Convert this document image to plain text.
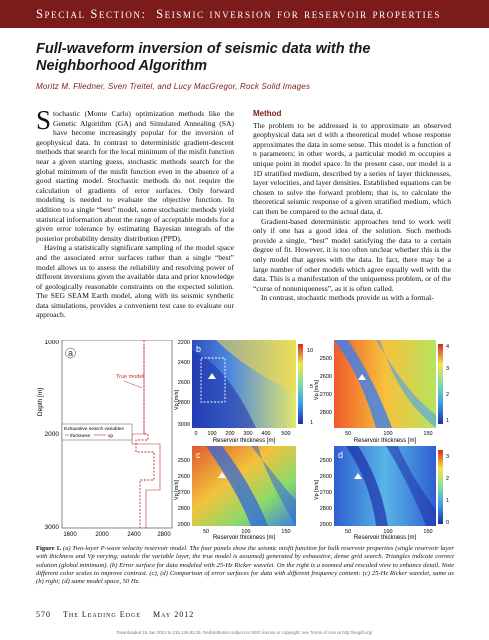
Special Section: Seismic inversion for reservoir properties
Full-waveform inversion of seismic data with the Neighborhood Algorithm
Moritz M. Fliedner, Sven Treitel, and Lucy MacGregor, Rock Solid Images

Stochastic (Monte Carlo) optimization methods like the Genetic Algorithm (GA) and Simulated Annealing (SA) have become increasingly popular for the inversion of geophysical data. In contrast to deterministic gradient-descent methods that search for the local minimum of the misfit function near a given starting guess, stochastic methods search for the global minimum of the misfit function even in the absence of a good starting model. Stochastic methods do not require the calculation of gradients of error surfaces. Only forward modeling is needed to evaluate the objective function. In addition to a single “best” model, some stochastic methods yield statistical information about the range of acceptable models for a given error tolerance by estimating Bayesian integrals of the posterior probability density distribution (PPD).

Having a statistically significant sampling of the model space and the associated error surfaces rather than a single “best” model allows us to assess the reliability and resolving power of different inversions given the available data and prior knowledge of geologically reasonable constraints on the expected solution. The SEG SEAM Earth model, along with its seismic synthetic data simulations, provides a convenient test case to evaluate our approach.

Method

The problem to be addressed is to approximate an observed geophysical data set d with a theoretical model whose response approximates the data in some sense. This model is a function of n parameters; in other words, a particular model m occupies a unique point in model space. In the present case, our model is a 1D stratified medium, described by a series of layer thicknesses, layer velocities, and layer densities. Established equations can be chosen to solve the forward problem; that is, to calculate the theoretical seismic response of a given stratified medium, which can then be compared to the actual data, d.

Gradient-based deterministic approaches tend to work well only if one has a good idea of the solution. Such methods provide a single, “best” model satisfying the data to a certain degree of fit. However, it is too often unclear whether this is the only model that agrees with the data. In fact, there may be a large number of other models which agree equally well with the data. This is a manifestation of the uniqueness problem, or of the “curse of nonuniqueness”, as it is often called.

In contrast, stochastic methods provide us with a formal-

a
1000
2000
3000
Depth [m]
True model
Exhaustive search variables
thickness	vp
1600	2000	2400	2800
b
2200
2400
2600
2800
3000
Vp [m/s]
0 100 200 300 400 500
Reservoir thickness [m]
10
5
1
2500
2600
2700
2800
Vp [m/s]
50	100	150
Reservoir thickness [m]
4
3
2
1
c
2500
2600
2700
2800
2900
Vp [m/s]
50	100	150
Reservoir thickness [m]
d
2500
2600
2700
2800
2900
Vp [m/s]
50	100	150
Reservoir thickness [m]
3
2
1
0
Figure 1. (a) Two-layer P-wave velocity reservoir model. The four panels show the seismic misfit function for bulk reservoir properties (single reservoir layer with thickness and Vp varying; outside the variable layer, the true model is assumed) generated by exhaustive, dense grid search. Triangles indicate correct solution (global minimum). (b) Error surface for data modeled with 25-Hz Ricker wavelet. On the right is a zoomed and rescaled view to enhance detail. Note different color scales to improve contrast. (c), (d) Comparison of error surfaces for data with different frequency content: (c) 25-Hz Ricker wavelet, same as (b) right; (d) same model space, 50 Hz.
570 The Leading Edge May 2012
Downloaded 15 Jan 2012 to 215.136.83.28. Redistribution subject to SEG license or copyright; see Terms of Use at http://segdl.org/
